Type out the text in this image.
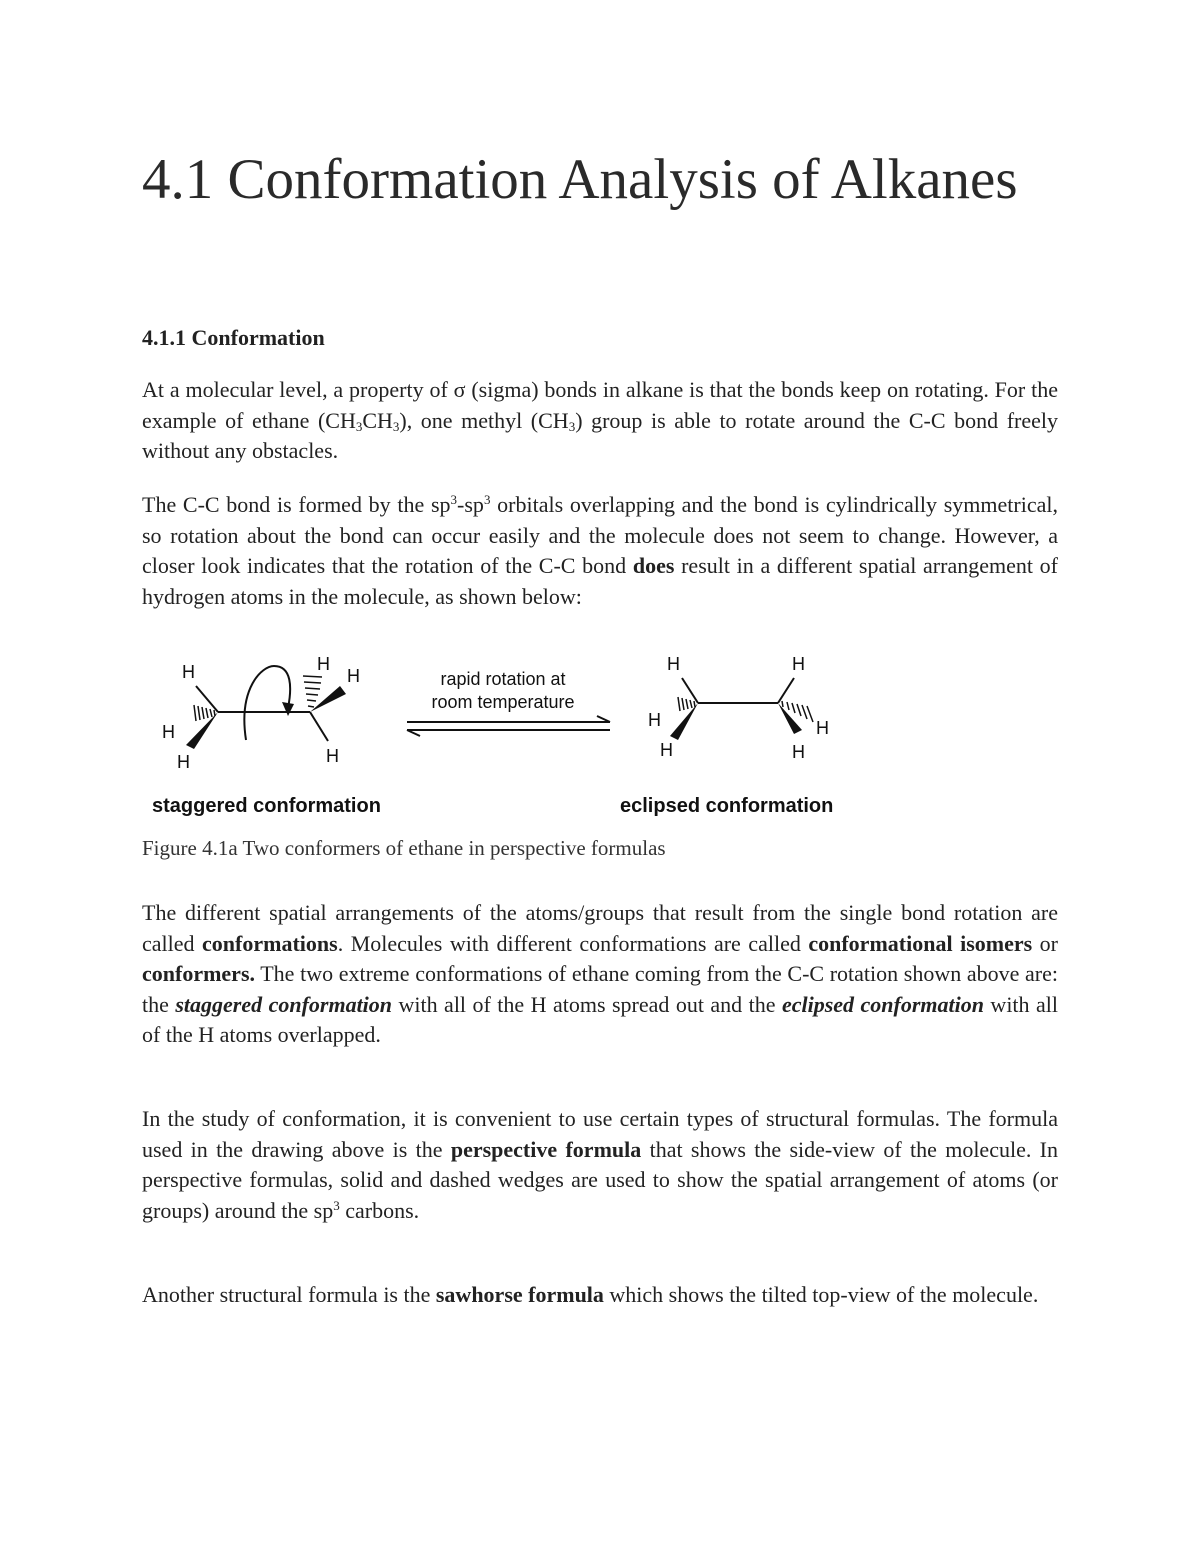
4.1 Conformation Analysis of Alkanes
4.1.1 Conformation

At a molecular level, a property of σ (sigma) bonds in alkane is that the bonds keep on rotating. For the example of ethane $(CH_3CH_3)$, one methyl $(CH_3)$ group is able to rotate around the C-C bond freely without any obstacles.

The C-C bond is formed by the $sp^3-sp^3$ orbitals overlapping and the bond is cylindrically symmetrical, so rotation about the bond can occur easily and the molecule does not seem to change. However, a closer look indicates that the rotation of the C-C bond does result in a different spatial arrangement of hydrogen atoms in the molecule, as shown below:

The different spatial arrangements of the atoms/groups that result from the single bond rotation are called conformations. Molecules with different conformations are called conformational isomers or conformers. The two extreme conformations of ethane coming from the C-C rotation shown above are: the staggered conformation with all of the H atoms spread out and the eclipsed conformation with all of the H atoms overlapped.

In the study of conformation, it is convenient to use certain types of structural formulas. The formula used in the drawing above is the perspective formula that shows the side-view of the molecule. In perspective formulas, solid and dashed wedges are used to show the spatial arrangement of atoms (or groups) around the $sp^3$ carbons.

Another structural formula is the sawhorse formula which shows the tilted top-view of the molecule.

H
H
H
H
H
H
rapid rotation at
room temperature
H	H
H
H
H
H
staggered conformation	eclipsed conformation
Figure 4.1a Two conformers of ethane in perspective formulas
